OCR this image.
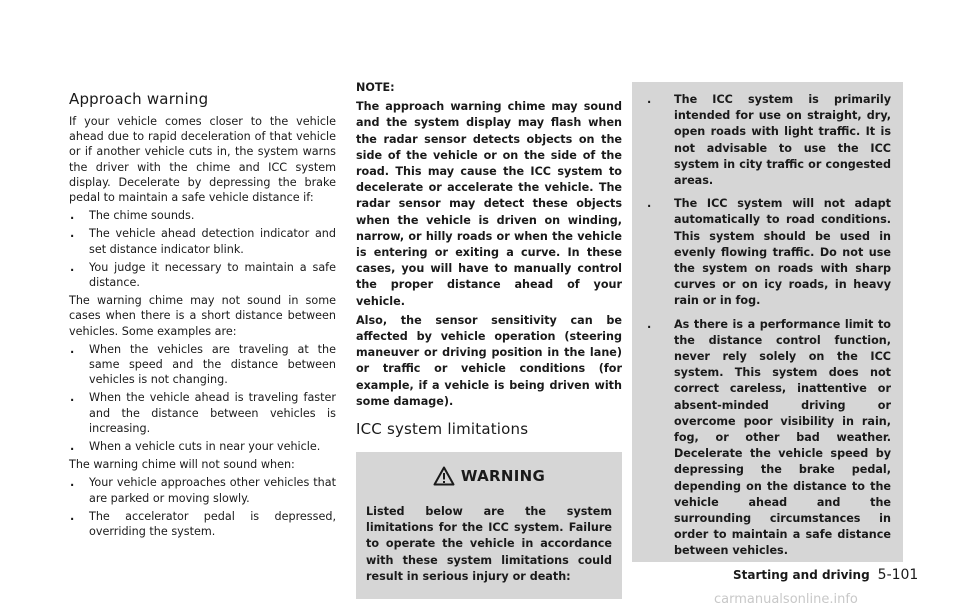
Approach warning

If your vehicle comes closer to the vehicle ahead due to rapid deceleration of that vehicle or if another vehicle cuts in, the system warns the driver with the chime and ICC system display. Decelerate by depressing the brake pedal to maintain a safe vehicle distance if:

. The chime sounds.
. The vehicle ahead detection indicator and set distance indicator blink.
. You judge it necessary to maintain a safe distance.

The warning chime may not sound in some cases when there is a short distance between vehicles. Some examples are:

. When the vehicles are traveling at the same speed and the distance between vehicles is not changing.
. When the vehicle ahead is traveling faster and the distance between vehicles is increasing.
. When a vehicle cuts in near your vehicle.

The warning chime will not sound when:

. Your vehicle approaches other vehicles that are parked or moving slowly.
. The accelerator pedal is depressed, overriding the system.

NOTE:

The approach warning chime may sound and the system display may flash when the radar sensor detects objects on the side of the vehicle or on the side of the road. This may cause the ICC system to decelerate or accelerate the vehicle. The radar sensor may detect these objects when the vehicle is driven on winding, narrow, or hilly roads or when the vehicle is entering or exiting a curve. In these cases, you will have to manually control the proper distance ahead of your vehicle.

Also, the sensor sensitivity can be affected by vehicle operation (steering maneuver or driving position in the lane) or traffic or vehicle conditions (for example, if a vehicle is being driven with some damage).

ICC system limitations
WARNING

Listed below are the system limitations for the ICC system. Failure to operate the vehicle in accordance with these system limitations could result in serious injury or death:

. The ICC system is primarily intended for use on straight, dry, open roads with light traffic. It is not advisable to use the ICC system in city traffic or congested areas.
. The ICC system will not adapt automatically to road conditions. This system should be used in evenly flowing traffic. Do not use the system on roads with sharp curves or on icy roads, in heavy rain or in fog.
. As there is a performance limit to the distance control function, never rely solely on the ICC system. This system does not correct careless, inattentive or absent-minded driving or overcome poor visibility in rain, fog, or other bad weather. Decelerate the vehicle speed by depressing the brake pedal, depending on the distance to the vehicle ahead and the surrounding circumstances in order to maintain a safe distance between vehicles.
Starting and driving 5-101
carmanualsonline.info
